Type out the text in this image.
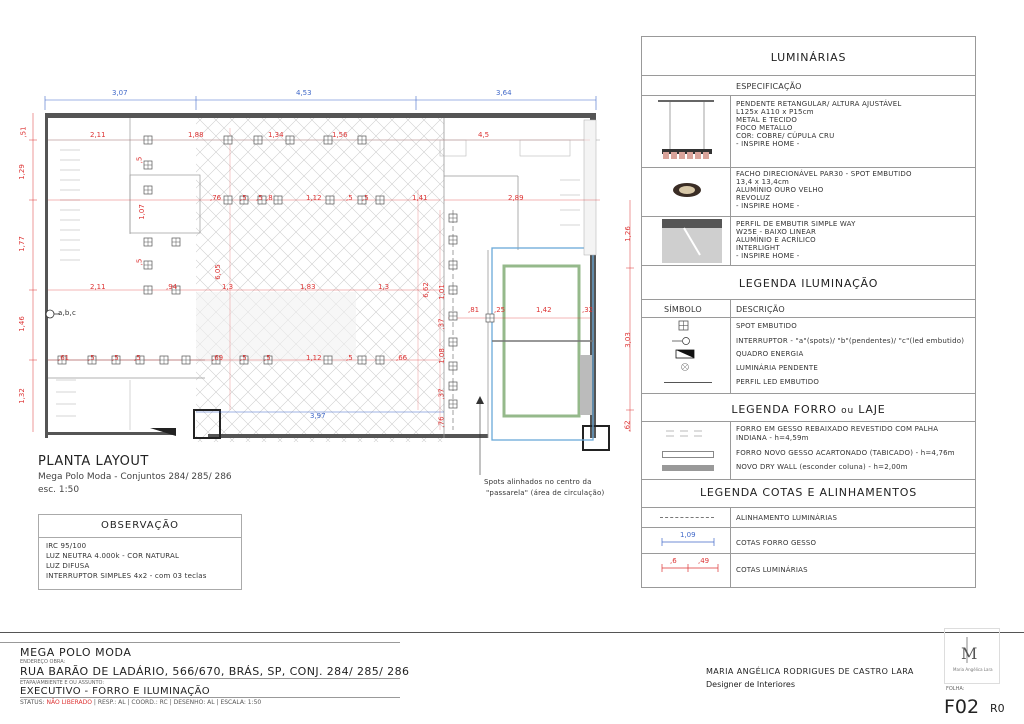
3,07	4,53	3,64
3,97
,51
1,29
1,77
1,46
1,32
1,26
3,03
,62
2,11	1,88	1,34	1,56	4,5
,76	,5 ,5 ,8	1,12	,5 ,5	1,41	2,89
2,11	,94	1,3	1,83	1,3
,61	,5 ,5 ,5	,69 ,5 ,5	1,12	,5	,66
,81 ,25	1,42	,32
,5
,5
1,07
6,05
6,62 1,01
,37
1,08
,37
,76
a,b,c
PLANTA LAYOUT
Mega Polo Moda - Conjuntos 284/ 285/ 286
esc. 1:50
Spots alinhados no centro da
"passarela" (área de circulação)
OBSERVAÇÃO
IRC 95/100
LUZ NEUTRA 4.000k - COR NATURAL
LUZ DIFUSA
INTERRUPTOR SIMPLES 4x2 - com 03 teclas
LUMINÁRIAS
ESPECIFICAÇÃO
PENDENTE RETANGULAR/ ALTURA AJUSTÁVEL
L125x A110 x P15cm
METAL E TECIDO
FOCO METALLO
COR: COBRE/ CÚPULA CRU
- INSPIRE HOME -
FACHO DIRECIONÁVEL PAR30 - SPOT EMBUTIDO
13,4 x 13,4cm
ALUMÍNIO OURO VELHO
REVOLUZ
- INSPIRE HOME -
PERFIL DE EMBUTIR SIMPLE WAY
W25E - BAIXO LINEAR
ALUMÍNIO E ACRÍLICO
INTERLIGHT
- INSPIRE HOME -
LEGENDA ILUMINAÇÃO
SÍMBOLO	DESCRIÇÃO
SPOT EMBUTIDO
INTERRUPTOR - "a"(spots)/ "b"(pendentes)/ "c"(led embutido)
QUADRO ENERGIA
LUMINÁRIA PENDENTE
PERFIL LED EMBUTIDO
LEGENDA FORRO ou LAJE
FORRO EM GESSO REBAIXADO REVESTIDO COM PALHA
INDIANA - h=4,59m
FORRO NOVO GESSO ACARTONADO (TABICADO) - h=4,76m
NOVO DRY WALL (esconder coluna) - h=2,00m
LEGENDA COTAS E ALINHAMENTOS
ALINHAMENTO LUMINÁRIAS
1,09
COTAS FORRO GESSO
,6	,49
COTAS LUMINÁRIAS
MEGA POLO MODA
ENDEREÇO OBRA:
RUA BARÃO DE LADÁRIO, 566/670, BRÁS, SP, CONJ. 284/ 285/ 286
ETAPA/AMBIENTE E OU ASSUNTO:
EXECUTIVO - FORRO E ILUMINAÇÃO
STATUS: NÃO LIBERADO | RESP.: AL | COORD.: RC | DESENHO: AL | ESCALA: 1:50
MARIA ANGÉLICA RODRIGUES DE CASTRO LARA
Designer de Interiores
M
Maria Angélica Lara
FOLHA:
F02 R0
